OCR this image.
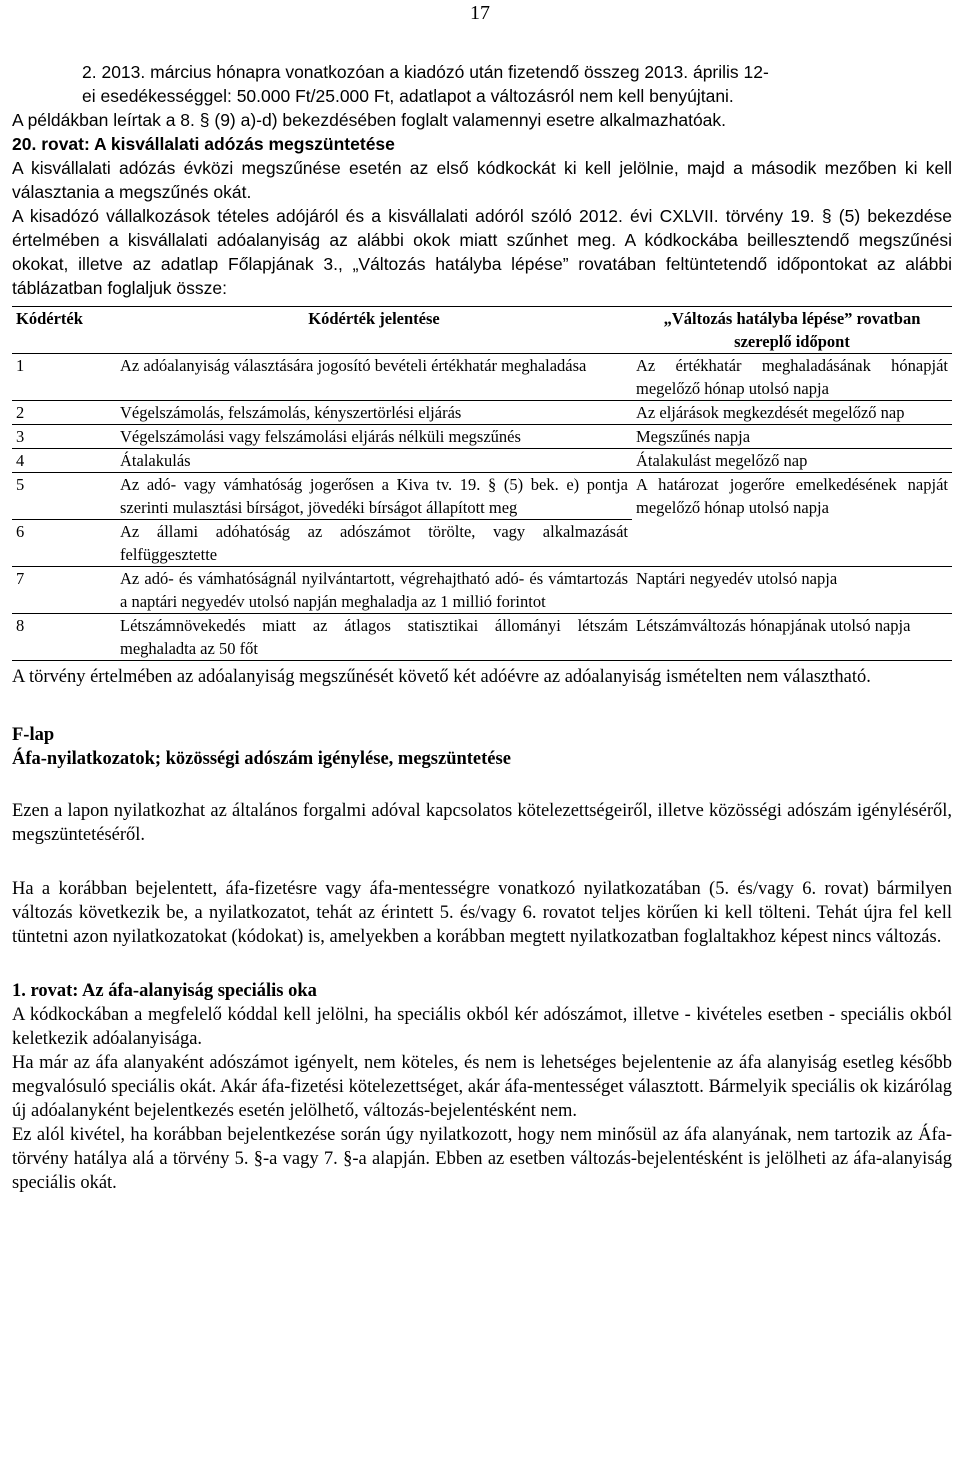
17

2. 2013. március hónapra vonatkozóan a kiadózó után fizetendő összeg 2013. április 12-

ei esedékességgel: 50.000 Ft/25.000 Ft, adatlapot a változásról nem kell benyújtani.

A példákban leírtak a 8. § (9) a)-d) bekezdésében foglalt valamennyi esetre alkalmazhatóak.

20. rovat: A kisvállalati adózás megszüntetése

A kisvállalati adózás évközi megszűnése esetén az első kódkockát ki kell jelölnie, majd a második mezőben ki kell választania a megszűnés okát.

A kisadózó vállalkozások tételes adójáról és a kisvállalati adóról szóló 2012. évi CXLVII. törvény 19. § (5) bekezdése értelmében a kisvállalati adóalanyiság az alábbi okok miatt szűnhet meg. A kódkockába beillesztendő megszűnési okokat, illetve az adatlap Főlapjának 3., „Változás hatályba lépése” rovatában feltüntetendő időpontokat az alábbi táblázatban foglaljuk össze:

Kódérték	Kódérték jelentése	„Változás hatályba lépése” rovatban szereplő időpont
1	Az adóalanyiság választására jogosító bevételi értékhatár meghaladása	Az értékhatár meghaladásának hónapját megelőző hónap utolsó napja
2	Végelszámolás, felszámolás, kényszertörlési eljárás	Az eljárások megkezdését megelőző nap
3	Végelszámolási vagy felszámolási eljárás nélküli megszűnés	Megszűnés napja
4	Átalakulás	Átalakulást megelőző nap
5	Az adó- vagy vámhatóság jogerősen a Kiva tv. 19. § (5) bek. e) pontja szerinti mulasztási bírságot, jövedéki bírságot állapított meg	A határozat jogerőre emelkedésének napját megelőző hónap utolsó napja
6	Az állami adóhatóság az adószámot törölte, vagy alkalmazását felfüggesztette	
7	Az adó- és vámhatóságnál nyilvántartott, végrehajtható adó- és vámtartozás a naptári negyedév utolsó napján meghaladja az 1 millió forintot	Naptári negyedév utolsó napja
8	Létszámnövekedés miatt az átlagos statisztikai állományi létszám meghaladta az 50 főt	Létszámváltozás hónapjának utolsó napja

A törvény értelmében az adóalanyiság megszűnését követő két adóévre az adóalanyiság ismételten nem választható.

F-lap

Áfa-nyilatkozatok; közösségi adószám igénylése, megszüntetése

Ezen a lapon nyilatkozhat az általános forgalmi adóval kapcsolatos kötelezettségeiről, illetve közösségi adószám igényléséről, megszüntetéséről.

Ha a korábban bejelentett, áfa-fizetésre vagy áfa-mentességre vonatkozó nyilatkozatában (5. és/vagy 6. rovat) bármilyen változás következik be, a nyilatkozatot, tehát az érintett 5. és/vagy 6. rovatot teljes körűen ki kell tölteni. Tehát újra fel kell tüntetni azon nyilatkozatokat (kódokat) is, amelyekben a korábban megtett nyilatkozatban foglaltakhoz képest nincs változás.

1. rovat: Az áfa-alanyiság speciális oka

A kódkockában a megfelelő kóddal kell jelölni, ha speciális okból kér adószámot, illetve - kivételes esetben - speciális okból keletkezik adóalanyisága.

Ha már az áfa alanyaként adószámot igényelt, nem köteles, és nem is lehetséges bejelentenie az áfa alanyiság esetleg később megvalósuló speciális okát. Akár áfa-fizetési kötelezettséget, akár áfa-mentességet választott. Bármelyik speciális ok kizárólag új adóalanyként bejelentkezés esetén jelölhető, változás-bejelentésként nem.

Ez alól kivétel, ha korábban bejelentkezése során úgy nyilatkozott, hogy nem minősül az áfa alanyának, nem tartozik az Áfa-törvény hatálya alá a törvény 5. §-a vagy 7. §-a alapján. Ebben az esetben változás-bejelentésként is jelölheti az áfa-alanyiság speciális okát.
